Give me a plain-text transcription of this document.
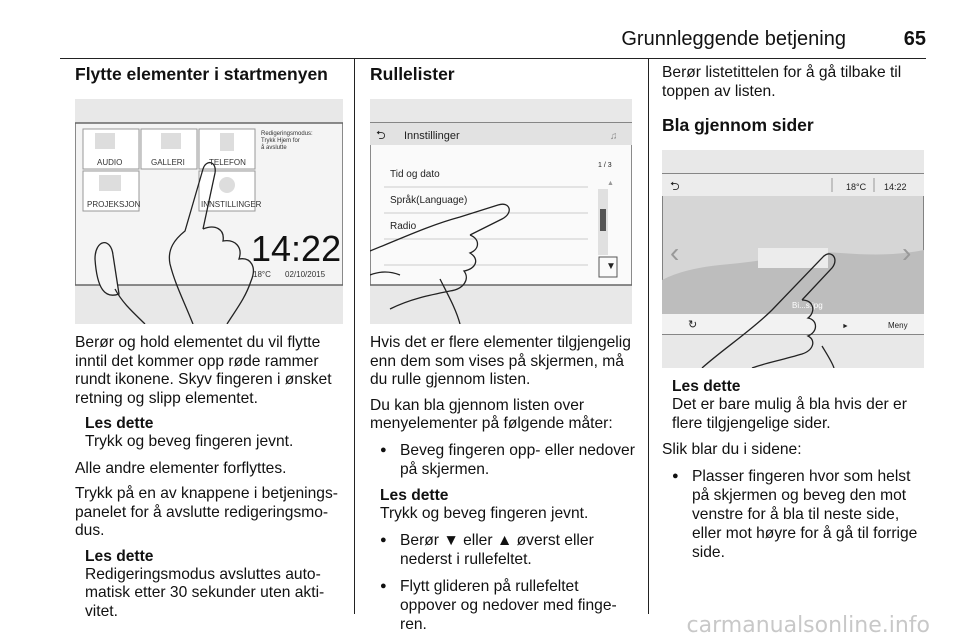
Grunnleggende betjening	65
Flytte elementer i startmenyen
AUDIO	GALLERI	TELEFON
PROJEKSJON	INNSTILLINGER
Redigeringsmodus:
Trykk Hjem for
å avslutte
14:22
18°C 02/10/2015

Berør og hold elementet du vil flytte inntil det kommer opp røde rammer rundt ikonene. Skyv fingeren i ønsket retning og slipp elementet.

Les dette
Trykk og beveg fingeren jevnt.

Alle andre elementer forflyttes.

Trykk på en av knappene i betjenings-panelet for å avslutte redigeringsmo-dus.

Les dette
Redigeringsmodus avsluttes auto-matisk etter 30 sekunder uten akti-vitet.
Rullelister
⮌ Innstillinger	♫
Tid og dato
Språk(Language)
Radio
1 / 3
▼
▲

Hvis det er flere elementer tilgjengelig enn dem som vises på skjermen, må du rulle gjennom listen.

Du kan bla gjennom listen over menyelementer på følgende måter:

● Beveg fingeren opp- eller nedover på skjermen.
Les dette
Trykk og beveg fingeren jevnt.
● Berør ▼ eller ▲ øverst eller nederst i rullefeltet.
● Flytt glideren på rullefeltet oppover og nedover med finge-ren.

Berør listetittelen for å gå tilbake til toppen av listen.

Bla gjennom sider
⮌	18°C 14:22
‹	›
Bi...s.jpg
↻	►	Meny
Les dette
Det er bare mulig å bla hvis der er flere tilgjengelige sider.

Slik blar du i sidene:

● Plasser fingeren hvor som helst på skjermen og beveg den mot venstre for å bla til neste side, eller mot høyre for å gå til forrige side.
carmanualsonline.info
